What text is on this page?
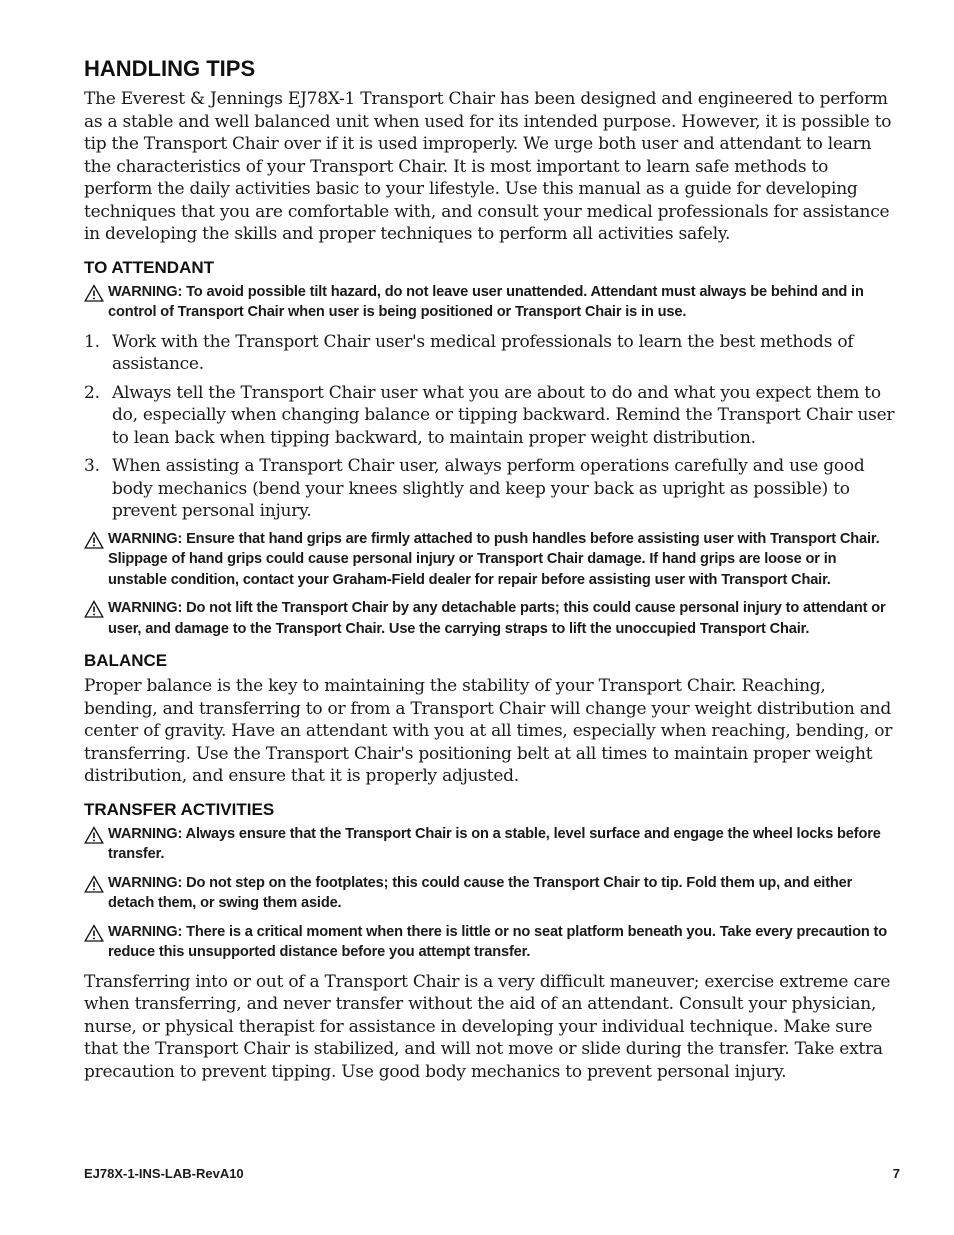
HANDLING TIPS

The Everest & Jennings EJ78X-1 Transport Chair has been designed and engineered to perform as a stable and well balanced unit when used for its intended purpose. However, it is possible to tip the Transport Chair over if it is used improperly. We urge both user and attendant to learn the characteristics of your Transport Chair. It is most important to learn safe methods to perform the daily activities basic to your lifestyle. Use this manual as a guide for developing techniques that you are comfortable with, and consult your medical professionals for assistance in developing the skills and proper techniques to perform all activities safely.

TO ATTENDANT
WARNING: To avoid possible tilt hazard, do not leave user unattended. Attendant must always be behind and in control of Transport Chair when user is being positioned or Transport Chair is in use.
1. Work with the Transport Chair user's medical professionals to learn the best methods of assistance.
2. Always tell the Transport Chair user what you are about to do and what you expect them to do, especially when changing balance or tipping backward. Remind the Transport Chair user to lean back when tipping backward, to maintain proper weight distribution.
3. When assisting a Transport Chair user, always perform operations carefully and use good body mechanics (bend your knees slightly and keep your back as upright as possible) to prevent personal injury.
WARNING: Ensure that hand grips are firmly attached to push handles before assisting user with Transport Chair. Slippage of hand grips could cause personal injury or Transport Chair damage. If hand grips are loose or in unstable condition, contact your Graham-Field dealer for repair before assisting user with Transport Chair.
WARNING: Do not lift the Transport Chair by any detachable parts; this could cause personal injury to attendant or user, and damage to the Transport Chair. Use the carrying straps to lift the unoccupied Transport Chair.
BALANCE

Proper balance is the key to maintaining the stability of your Transport Chair. Reaching, bending, and transferring to or from a Transport Chair will change your weight distribution and center of gravity. Have an attendant with you at all times, especially when reaching, bending, or transferring. Use the Transport Chair's positioning belt at all times to maintain proper weight distribution, and ensure that it is properly adjusted.

TRANSFER ACTIVITIES
WARNING: Always ensure that the Transport Chair is on a stable, level surface and engage the wheel locks before transfer.
WARNING: Do not step on the footplates; this could cause the Transport Chair to tip. Fold them up, and either detach them, or swing them aside.
WARNING: There is a critical moment when there is little or no seat platform beneath you. Take every precaution to reduce this unsupported distance before you attempt transfer.

Transferring into or out of a Transport Chair is a very difficult maneuver; exercise extreme care when transferring, and never transfer without the aid of an attendant. Consult your physician, nurse, or physical therapist for assistance in developing your individual technique. Make sure that the Transport Chair is stabilized, and will not move or slide during the transfer. Take extra precaution to prevent tipping. Use good body mechanics to prevent personal injury.

EJ78X-1-INS-LAB-RevA10	7
